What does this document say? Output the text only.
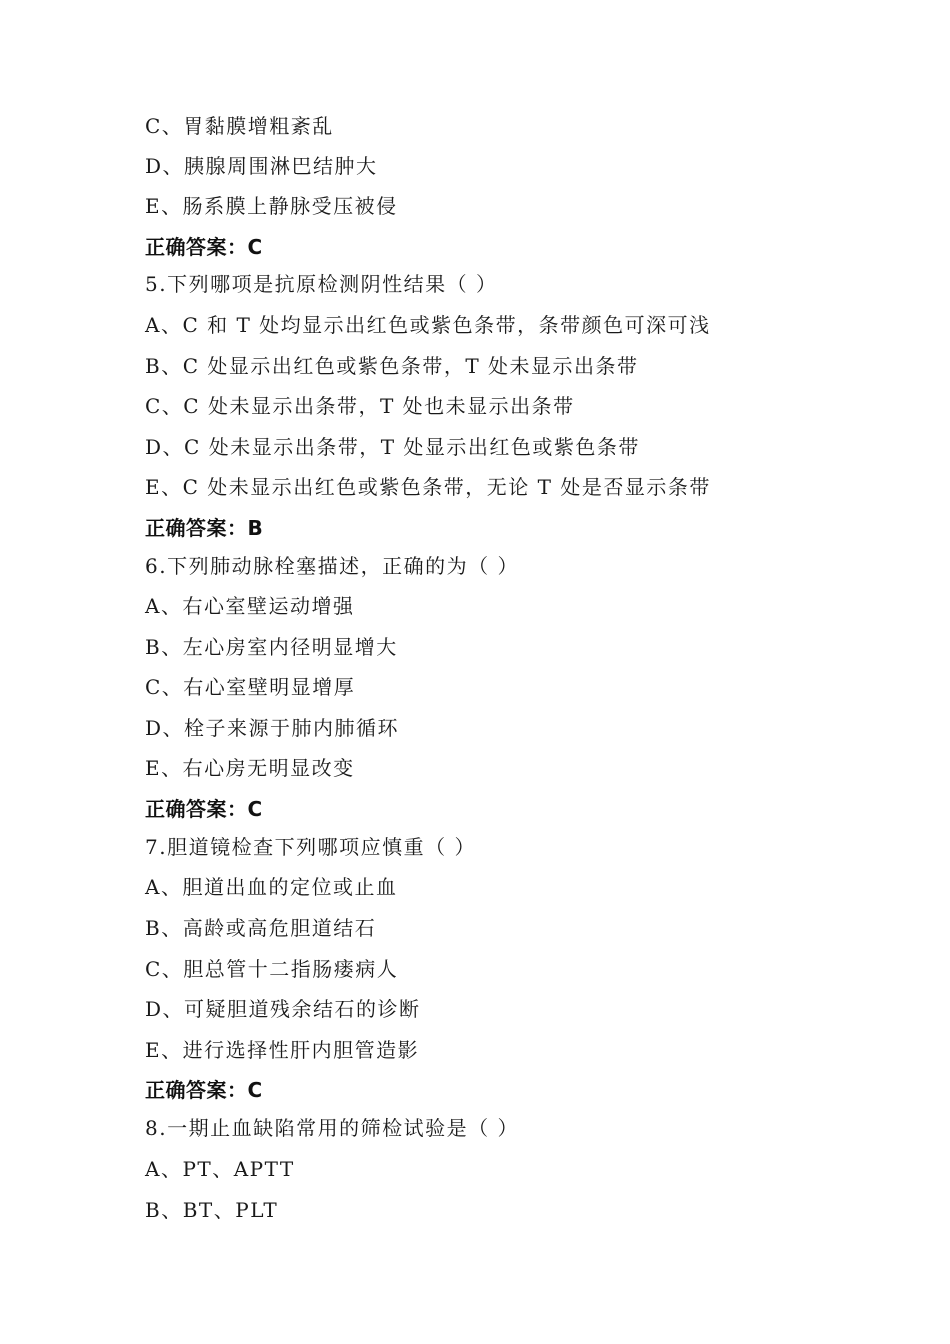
C、胃黏膜增粗紊乱
D、胰腺周围淋巴结肿大
E、肠系膜上静脉受压被侵
正确答案：C
5.下列哪项是抗原检测阴性结果（ ）
A、C 和 T 处均显示出红色或紫色条带，条带颜色可深可浅
B、C 处显示出红色或紫色条带，T 处未显示出条带
C、C 处未显示出条带，T 处也未显示出条带
D、C 处未显示出条带，T 处显示出红色或紫色条带
E、C 处未显示出红色或紫色条带，无论 T 处是否显示条带
正确答案：B
6.下列肺动脉栓塞描述，正确的为（ ）
A、右心室壁运动增强
B、左心房室内径明显增大
C、右心室壁明显增厚
D、栓子来源于肺内肺循环
E、右心房无明显改变
正确答案：C
7.胆道镜检查下列哪项应慎重（ ）
A、胆道出血的定位或止血
B、高龄或高危胆道结石
C、胆总管十二指肠瘘病人
D、可疑胆道残余结石的诊断
E、进行选择性肝内胆管造影
正确答案：C
8.一期止血缺陷常用的筛检试验是（ ）
A、PT、APTT
B、BT、PLT
